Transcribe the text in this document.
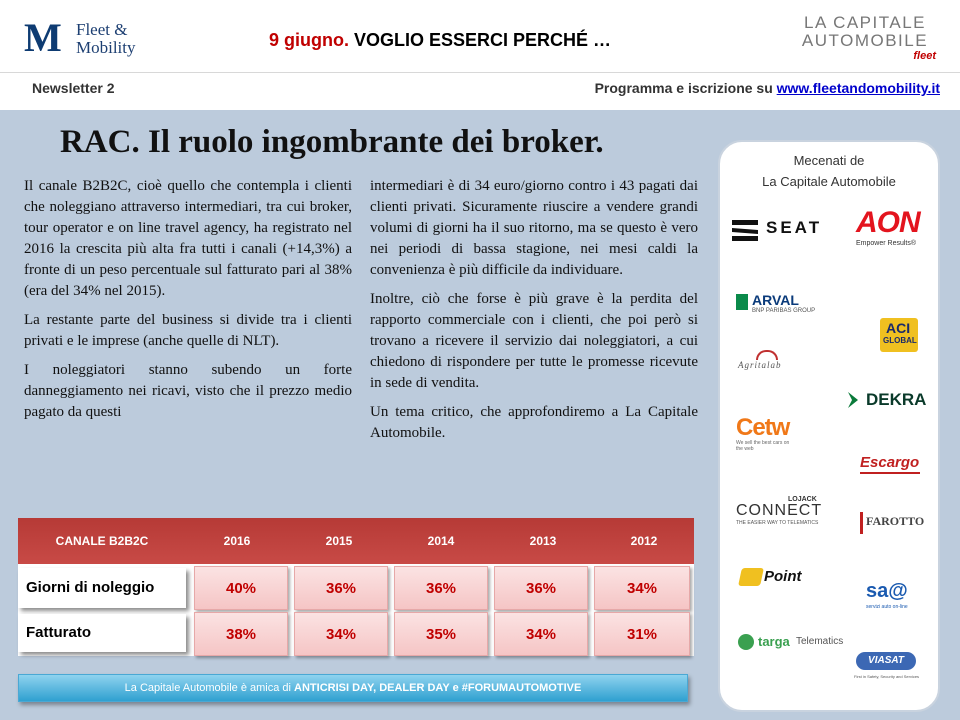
M Fleet &
Mobility	9 giugno. VOGLIO ESSERCI PERCHÉ …
LA CAPITALE
AUTOMOBILE
fleet
Newsletter 2	Programma e iscrizione su www.fleetandomobility.it
RAC. Il ruolo ingombrante dei broker.

Il canale B2B2C, cioè quello che contempla i clienti che noleggiano attraverso intermediari, tra cui broker, tour operator e on line travel agency, ha registrato nel 2016 la crescita più alta fra tutti i canali (+14,3%) a fronte di un peso percentuale sul fatturato pari al 38% (era del 34% nel 2015).

La restante parte del business si divide tra i clienti privati e le imprese (anche quelle di NLT).

I noleggiatori stanno subendo un forte danneggiamento nei ricavi, visto che il prezzo medio pagato da questi

intermediari è di 34 euro/giorno contro i 43 pagati dai clienti privati. Sicuramente riuscire a vendere grandi volumi di giorni ha il suo ritorno, ma se questo è vero nei periodi di bassa stagione, nei mesi caldi la convenienza è più difficile da individuare.

Inoltre, ciò che forse è più grave è la perdita del rapporto commerciale con i clienti, che poi però si trovano a ricevere il servizio dai noleggiatori, a cui chiedono di rispondere per tutte le promesse ricevute in sede di vendita.

Un tema critico, che approfondiremo a La Capitale Automobile.

Mecenati de
La Capitale Automobile
SEAT AON
Empower Results®
ARVAL
BNP PARIBAS GROUP
ACI
GLOBAL
Agritalab
DEKRA
Cetw
We sell the best cars on the web
Escargo
LOJACK
CONNECT
THE EASIER WAY TO TELEMATICS	FAROTTO
Point
sa@
servizi auto on-line
targa Telematics
VIASAT
First in Safety, Security and Services
CANALE B2B2C	2016	2015	2014	2013	2012
Giorni di noleggio	40%	36%	36%	36%	34%
Fatturato	38%	34%	35%	34%	31%
La Capitale Automobile è amica di ANTICRISI DAY, DEALER DAY e #FORUMAUTOMOTIVE
